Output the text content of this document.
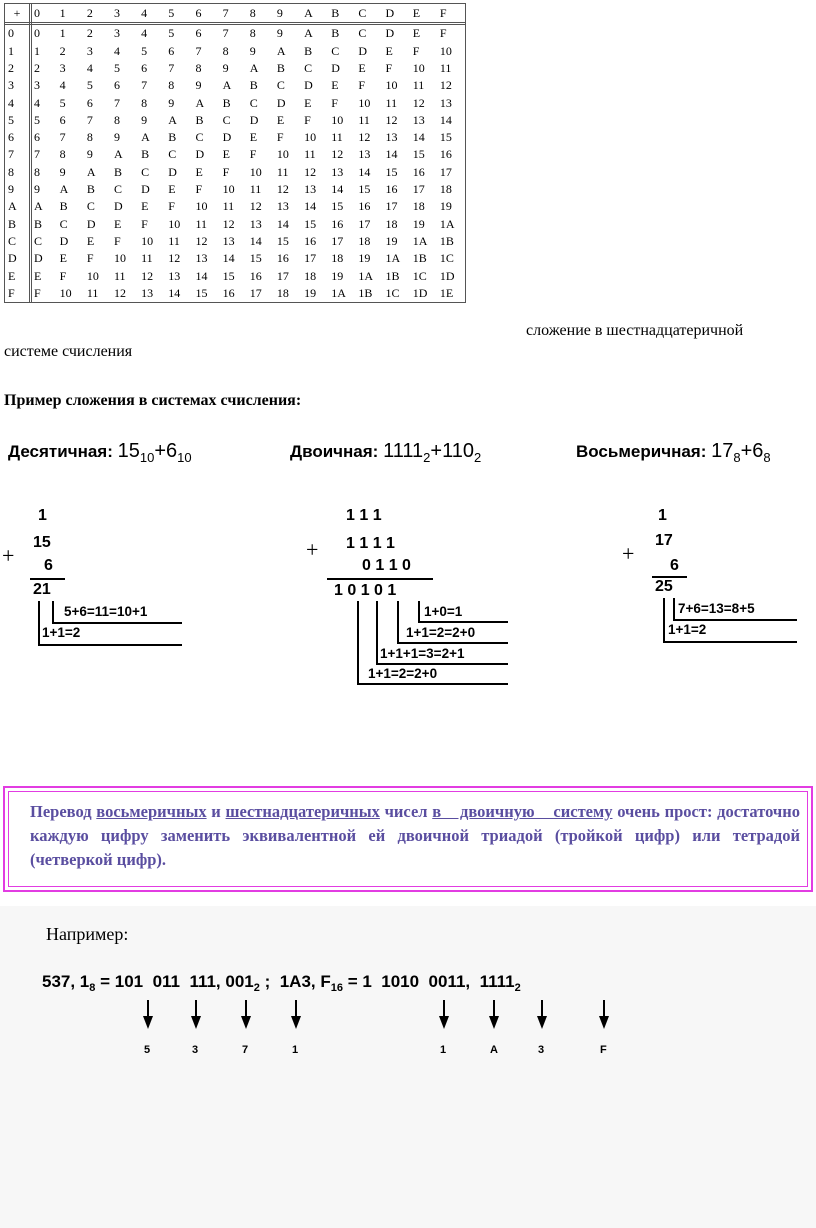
+	0	1	2	3	4	5	6	7	8	9	A	B	C	D	E	F
0	0	1	2	3	4	5	6	7	8	9	A	B	C	D	E	F
1	1	2	3	4	5	6	7	8	9	A	B	C	D	E	F	10
2	2	3	4	5	6	7	8	9	A	B	C	D	E	F	10	11
3	3	4	5	6	7	8	9	A	B	C	D	E	F	10	11	12
4	4	5	6	7	8	9	A	B	C	D	E	F	10	11	12	13
5	5	6	7	8	9	A	B	C	D	E	F	10	11	12	13	14
6	6	7	8	9	A	B	C	D	E	F	10	11	12	13	14	15
7	7	8	9	A	B	C	D	E	F	10	11	12	13	14	15	16
8	8	9	A	B	C	D	E	F	10	11	12	13	14	15	16	17
9	9	A	B	C	D	E	F	10	11	12	13	14	15	16	17	18
A	A	B	C	D	E	F	10	11	12	13	14	15	16	17	18	19
B	B	C	D	E	F	10	11	12	13	14	15	16	17	18	19	1A
C	C	D	E	F	10	11	12	13	14	15	16	17	18	19	1A	1B
D	D	E	F	10	11	12	13	14	15	16	17	18	19	1A	1B	1C
E	E	F	10	11	12	13	14	15	16	17	18	19	1A	1B	1C	1D
F	F	10	11	12	13	14	15	16	17	18	19	1A	1B	1C	1D	1E
сложение в шестнадцатеричной
системе счисления
Пример сложения в системах счисления:
Десятичная: $15_{10}+6_{10}$	Двоичная: $1111_2+110_2$	Восьмеричная: $17_8+6_8$
1
+
15
6
21
5+6=11=10+1
1+1=2
1 1 1
+ 1 1 1 1
0 1 1 0
1 0 1 0 1
1+0=1
1+1=2=2+0
1+1+1=3=2+1
1+1=2=2+0
1
+
17
6
25
7+6=13=8+5
1+1=2
Перевод восьмеричных и шестнадцатеричных чисел в    двоичную    систему очень прост: достаточно каждую цифру заменить эквивалентной ей двоичной триадой (тройкой цифр) или тетрадой (четверкой цифр).
Например:
537, $1_8 = 101$  011  111, $001_2$ ;  1A3, $F_{16} = 1$  1010  0011,  $1111_2$
5	3	7	1	1	A	3	F
